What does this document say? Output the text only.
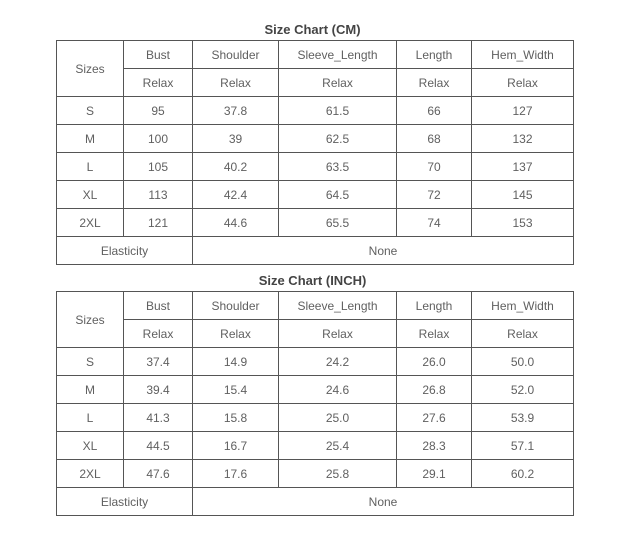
Size Chart (CM)
Sizes	Bust	Shoulder	Sleeve_Length	Length	Hem_Width
	Relax	Relax	Relax	Relax	Relax
S	95	37.8	61.5	66	127
M	100	39	62.5	68	132
L	105	40.2	63.5	70	137
XL	113	42.4	64.5	72	145
2XL	121	44.6	65.5	74	153
Elasticity		None			
Size Chart (INCH)
Sizes	Bust	Shoulder	Sleeve_Length	Length	Hem_Width
	Relax	Relax	Relax	Relax	Relax
S	37.4	14.9	24.2	26.0	50.0
M	39.4	15.4	24.6	26.8	52.0
L	41.3	15.8	25.0	27.6	53.9
XL	44.5	16.7	25.4	28.3	57.1
2XL	47.6	17.6	25.8	29.1	60.2
Elasticity		None			
